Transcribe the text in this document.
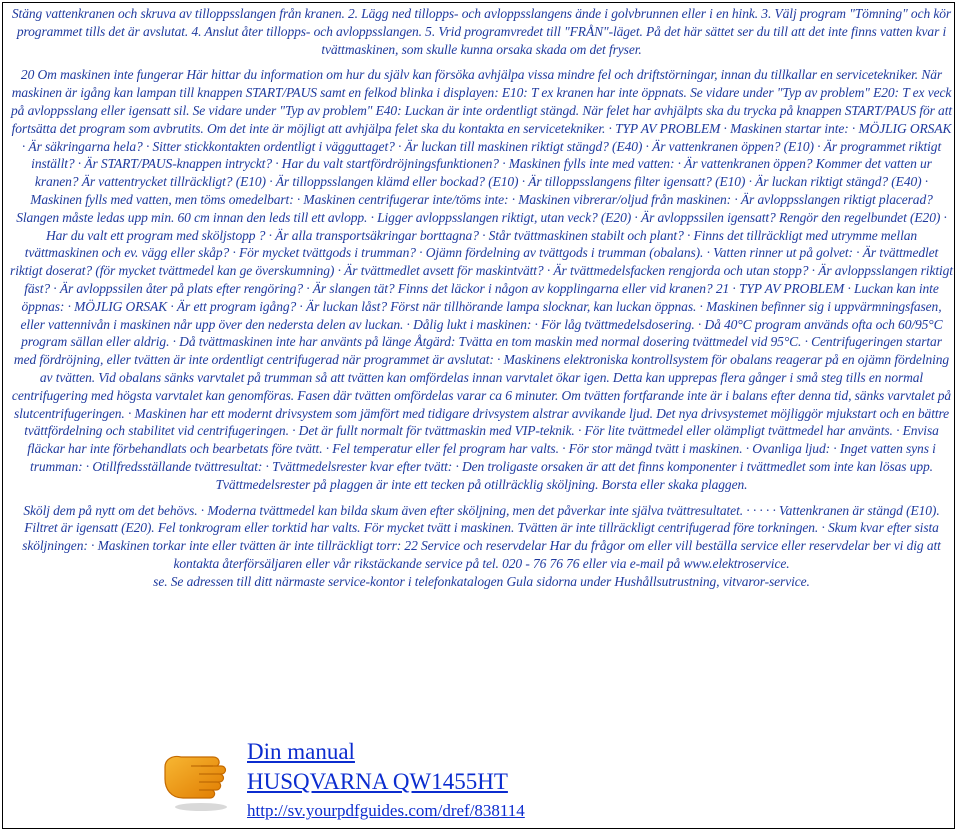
Stäng vattenkranen och skruva av tilloppsslangen från kranen. 2. Lägg ned tillopps- och avloppsslangens ände i golvbrunnen eller i en hink. 3. Välj program "Tömning" och kör programmet tills det är avslutat. 4. Anslut åter tillopps- och avloppsslangen. 5. Vrid programvredet till "FRÅN"-läget. På det här sättet ser du till att det inte finns vatten kvar i tvättmaskinen, som skulle kunna orsaka skada om det fryser.

20 Om maskinen inte fungerar Här hittar du information om hur du själv kan försöka avhjälpa vissa mindre fel och driftstörningar, innan du tillkallar en servicetekniker. När maskinen är igång kan lampan till knappen START/PAUS samt en felkod blinka i displayen: E10: T ex kranen har inte öppnats. Se vidare under "Typ av problem" E20: T ex veck på avloppsslang eller igensatt sil. Se vidare under "Typ av problem" E40: Luckan är inte ordentligt stängd. När felet har avhjälpts ska du trycka på knappen START/PAUS för att fortsätta det program som avbrutits. Om det inte är möjligt att avhjälpa felet ska du kontakta en servicetekniker. · TYP AV PROBLEM · Maskinen startar inte: · MÖJLIG ORSAK · Är säkringarna hela? · Sitter stickkontakten ordentligt i vägguttaget? · Är luckan till maskinen riktigt stängd? (E40) · Är vattenkranen öppen? (E10) · Är programmet riktigt inställt? · Är START/PAUS-knappen intryckt? · Har du valt startfördröjningsfunktionen? · Maskinen fylls inte med vatten: · Är vattenkranen öppen? Kommer det vatten ur kranen? Är vattentrycket tillräckligt? (E10) · Är tilloppsslangen klämd eller bockad? (E10) · Är tilloppsslangens filter igensatt? (E10) · Är luckan riktigt stängd? (E40) · Maskinen fylls med vatten, men töms omedelbart: · Maskinen centrifugerar inte/töms inte: · Maskinen vibrerar/oljud från maskinen: · Är avloppsslangen riktigt placerad? Slangen måste ledas upp min. 60 cm innan den leds till ett avlopp. · Ligger avloppsslangen riktigt, utan veck? (E20) · Är avloppssilen igensatt? Rengör den regelbundet (E20) · Har du valt ett program med sköljstopp ? · Är alla transportsäkringar borttagna? · Står tvättmaskinen stabilt och plant? · Finns det tillräckligt med utrymme mellan tvättmaskinen och ev. vägg eller skåp? · För mycket tvättgods i trumman? · Ojämn fördelning av tvättgods i trumman (obalans). · Vatten rinner ut på golvet: · Är tvättmedlet riktigt doserat? (för mycket tvättmedel kan ge överskumning) · Är tvättmedlet avsett för maskintvätt? · Är tvättmedelsfacken rengjorda och utan stopp? · Är avloppsslangen riktigt fäst? · Är avloppssilen åter på plats efter rengöring? · Är slangen tät? Finns det läckor i någon av kopplingarna eller vid kranen? 21 · TYP AV PROBLEM · Luckan kan inte öppnas: · MÖJLIG ORSAK · Är ett program igång? · Är luckan låst? Först när tillhörande lampa slocknar, kan luckan öppnas. · Maskinen befinner sig i uppvärmningsfasen, eller vattennivån i maskinen når upp över den nedersta delen av luckan. · Dålig lukt i maskinen: · För låg tvättmedelsdosering. · Då 40°C program används ofta och 60/95°C program sällan eller aldrig. · Då tvättmaskinen inte har använts på länge Åtgärd: Tvätta en tom maskin med normal dosering tvättmedel vid 95°C. · Centrifugeringen startar med fördröjning, eller tvätten är inte ordentligt centrifugerad när programmet är avslutat: · Maskinens elektroniska kontrollsystem för obalans reagerar på en ojämn fördelning av tvätten. Vid obalans sänks varvtalet på trumman så att tvätten kan omfördelas innan varvtalet ökar igen. Detta kan upprepas flera gånger i små steg tills en normal centrifugering med högsta varvtalet kan genomföras. Fasen där tvätten omfördelas varar ca 6 minuter. Om tvätten fortfarande inte är i balans efter denna tid, sänks varvtalet på slutcentrifugeringen. · Maskinen har ett modernt drivsystem som jämfört med tidigare drivsystem alstrar avvikande ljud. Det nya drivsystemet möjliggör mjukstart och en bättre tvättfördelning och stabilitet vid centrifugeringen. · Det är fullt normalt för tvättmaskin med VIP-teknik. · För lite tvättmedel eller olämpligt tvättmedel har använts. · Envisa fläckar har inte förbehandlats och bearbetats före tvätt. · Fel temperatur eller fel program har valts. · För stor mängd tvätt i maskinen. · Ovanliga ljud: · Inget vatten syns i trumman: · Otillfredsställande tvättresultat: · Tvättmedelsrester kvar efter tvätt: · Den troligaste orsaken är att det finns komponenter i tvättmedlet som inte kan lösas upp. Tvättmedelsrester på plaggen är inte ett tecken på otillräcklig sköljning. Borsta eller skaka plaggen.

Skölj dem på nytt om det behövs. · Moderna tvättmedel kan bilda skum även efter sköljning, men det påverkar inte själva tvättresultatet. · · · · · Vattenkranen är stängd (E10). Filtret är igensatt (E20). Fel tonkrogram eller torktid har valts. För mycket tvätt i maskinen. Tvätten är inte tillräckligt centrifugerad före torkningen. · Skum kvar efter sista sköljningen: · Maskinen torkar inte eller tvätten är inte tillräckligt torr: 22 Service och reservdelar Har du frågor om eller vill beställa service eller reservdelar ber vi dig att kontakta återförsäljaren eller vår rikstäckande service på tel. 020 - 76 76 76 eller via e-mail på www.elektroservice.

se. Se adressen till ditt närmaste service-kontor i telefonkatalogen Gula sidorna under Hushållsutrustning, vitvaror-service.

Din manual
HUSQVARNA QW1455HT
http://sv.yourpdfguides.com/dref/838114
